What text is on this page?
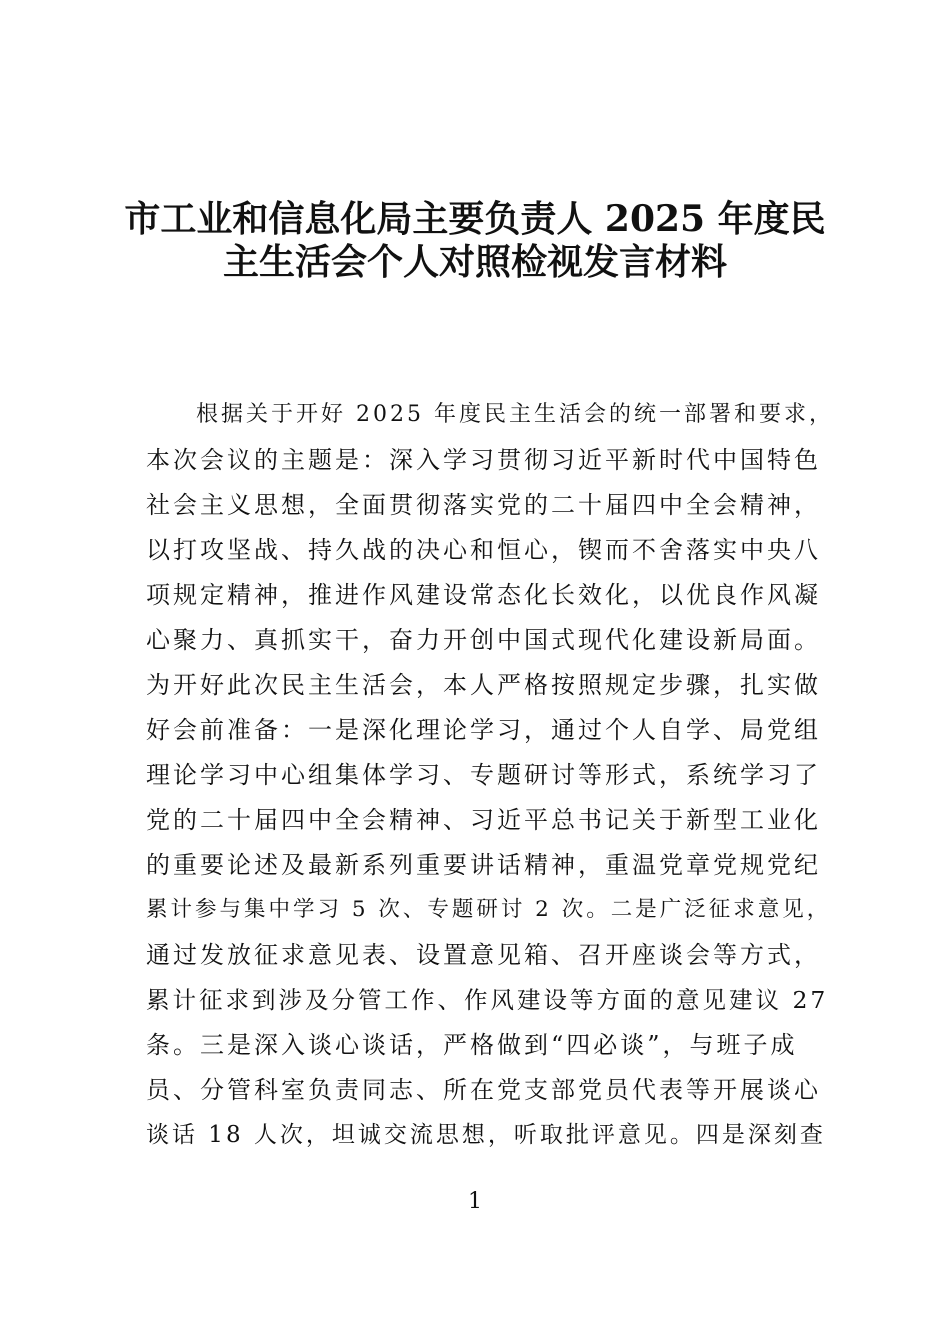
市工业和信息化局主要负责人 2025 年度民
主生活会个人对照检视发言材料
根据关于开好 2025 年度民主生活会的统一部署和要求，
本次会议的主题是：深入学习贯彻习近平新时代中国特色
社会主义思想，全面贯彻落实党的二十届四中全会精神，
以打攻坚战、持久战的决心和恒心，锲而不舍落实中央八
项规定精神，推进作风建设常态化长效化，以优良作风凝
心聚力、真抓实干，奋力开创中国式现代化建设新局面。
为开好此次民主生活会，本人严格按照规定步骤，扎实做
好会前准备：一是深化理论学习，通过个人自学、局党组
理论学习中心组集体学习、专题研讨等形式，系统学习了
党的二十届四中全会精神、习近平总书记关于新型工业化
的重要论述及最新系列重要讲话精神，重温党章党规党纪
累计参与集中学习 5 次、专题研讨 2 次。二是广泛征求意见，
通过发放征求意见表、设置意见箱、召开座谈会等方式，
累计征求到涉及分管工作、作风建设等方面的意见建议 27
条。三是深入谈心谈话，严格做到“四必谈”，与班子成
员、分管科室负责同志、所在党支部党员代表等开展谈心
谈话 18 人次，坦诚交流思想，听取批评意见。四是深刻查
1
